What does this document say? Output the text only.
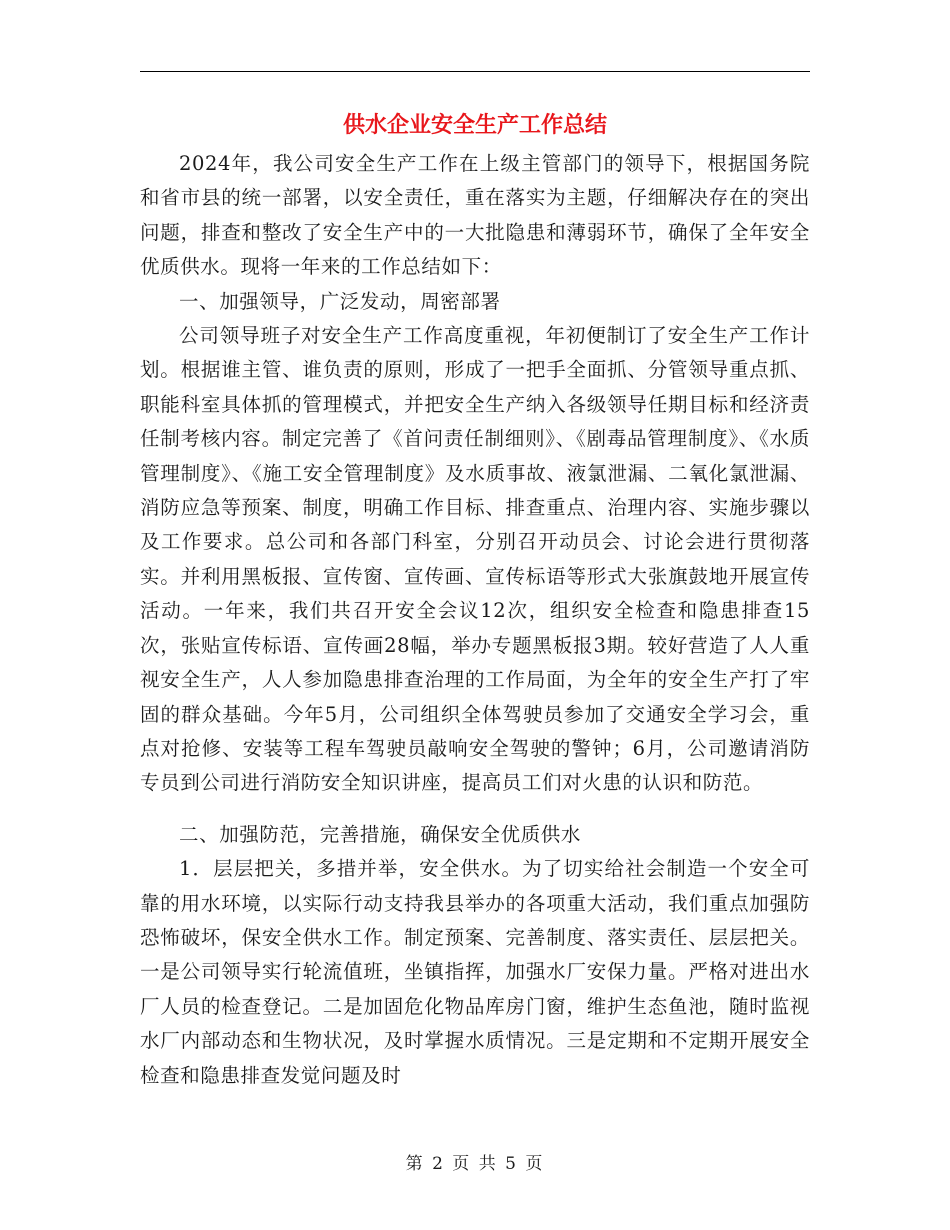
供水企业安全生产工作总结

2024年，我公司安全生产工作在上级主管部门的领导下，根据国务院和省市县的统一部署，以安全责任，重在落实为主题，仔细解决存在的突出问题，排查和整改了安全生产中的一大批隐患和薄弱环节，确保了全年安全优质供水。现将一年来的工作总结如下：

一、加强领导，广泛发动，周密部署

公司领导班子对安全生产工作高度重视，年初便制订了安全生产工作计划。根据谁主管、谁负责的原则，形成了一把手全面抓、分管领导重点抓、职能科室具体抓的管理模式，并把安全生产纳入各级领导任期目标和经济责任制考核内容。制定完善了《首问责任制细则》、《剧毒品管理制度》、《水质管理制度》、《施工安全管理制度》及水质事故、液氯泄漏、二氧化氯泄漏、消防应急等预案、制度，明确工作目标、排查重点、治理内容、实施步骤以及工作要求。总公司和各部门科室，分别召开动员会、讨论会进行贯彻落实。并利用黑板报、宣传窗、宣传画、宣传标语等形式大张旗鼓地开展宣传活动。一年来，我们共召开安全会议12次，组织安全检查和隐患排查15次，张贴宣传标语、宣传画28幅，举办专题黑板报3期。较好营造了人人重视安全生产，人人参加隐患排查治理的工作局面，为全年的安全生产打了牢固的群众基础。今年5月，公司组织全体驾驶员参加了交通安全学习会，重点对抢修、安装等工程车驾驶员敲响安全驾驶的警钟；6月，公司邀请消防专员到公司进行消防安全知识讲座，提高员工们对火患的认识和防范。

二、加强防范，完善措施，确保安全优质供水

1．层层把关，多措并举，安全供水。为了切实给社会制造一个安全可靠的用水环境，以实际行动支持我县举办的各项重大活动，我们重点加强防恐怖破坏，保安全供水工作。制定预案、完善制度、落实责任、层层把关。一是公司领导实行轮流值班，坐镇指挥，加强水厂安保力量。严格对进出水厂人员的检查登记。二是加固危化物品库房门窗，维护生态鱼池，随时监视水厂内部动态和生物状况，及时掌握水质情况。三是定期和不定期开展安全检查和隐患排查发觉问题及时

第 2 页 共 5 页
